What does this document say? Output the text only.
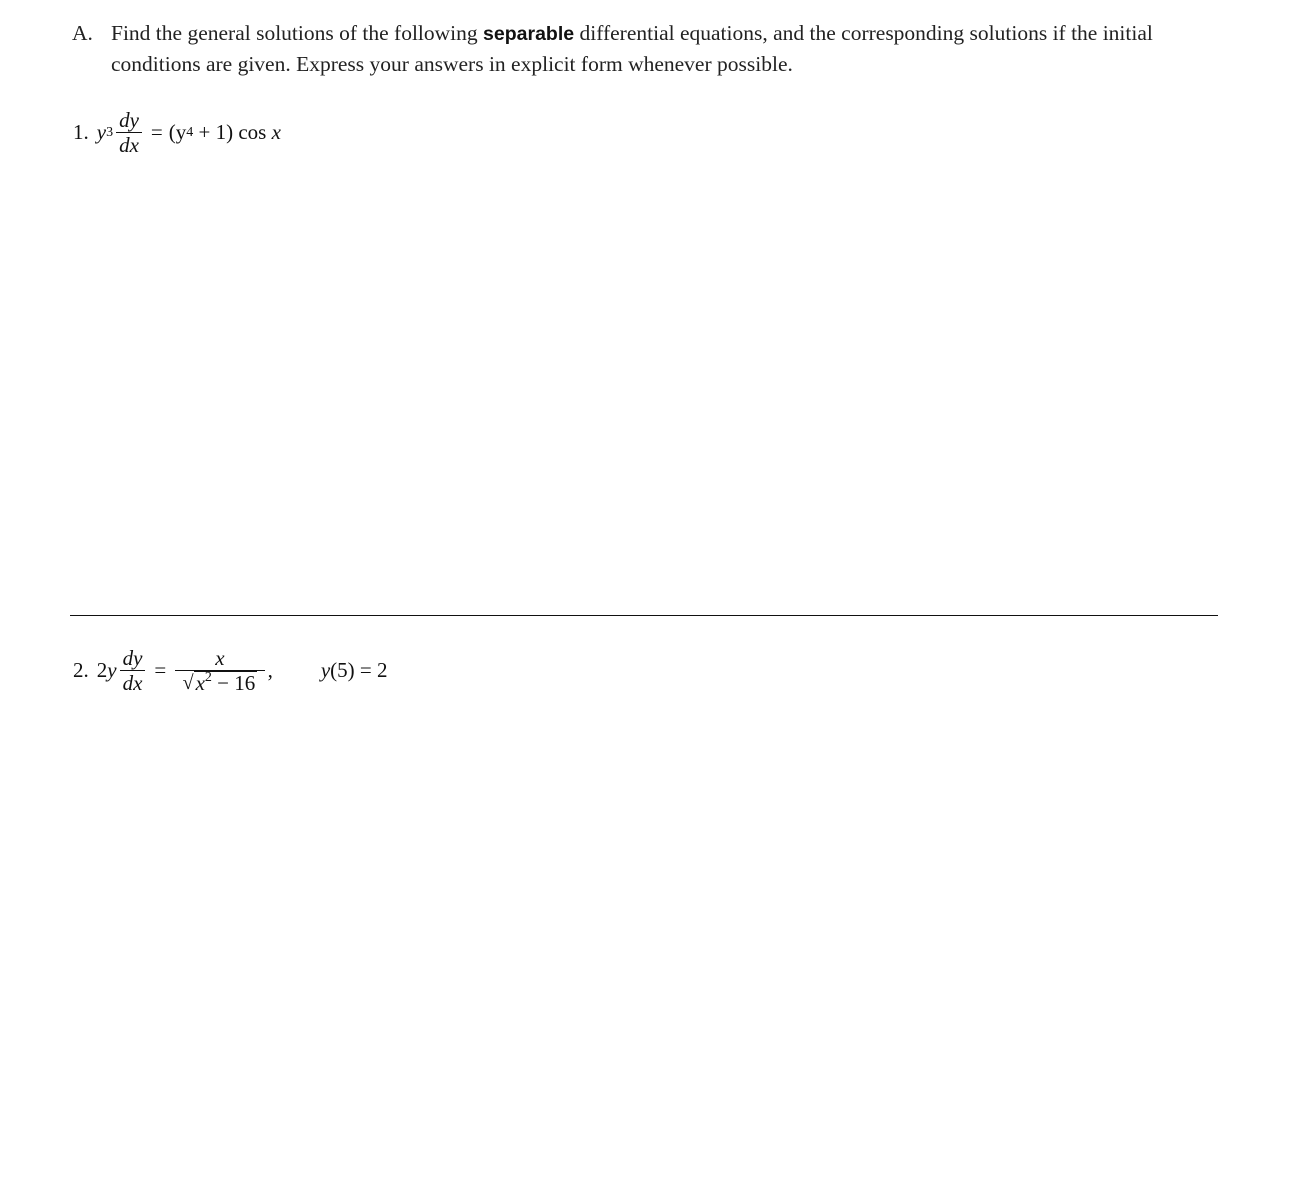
A. Find the general solutions of the following separable differential equations, and the corresponding solutions if the initial conditions are given. Express your answers in explicit form whenever possible.
1. y $3 \frac{dy}{dx} = (y$ 4 + 1) cos x
2. 2 y $\frac{dy}{dx} = \frac{x}{√ x^2 - 16}$ , y(5) = 2
